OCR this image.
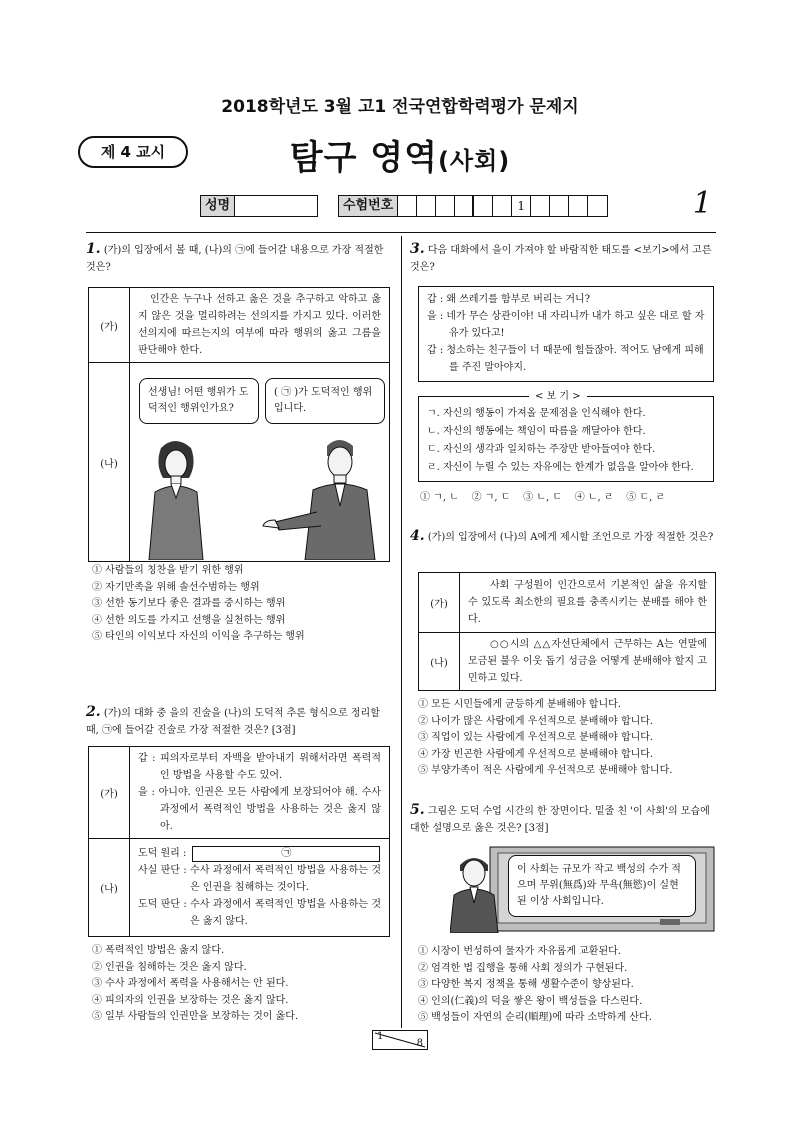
2018학년도 3월 고1 전국연합학력평가 문제지
제 4 교시	탐구 영역(사회)
성명	수험번호	1	1
1. (가)의 입장에서 볼 때, (나)의 ㉠에 들어갈 내용으로 가장 적절한 것은?
(가)	인간은 누구나 선하고 옳은 것을 추구하고 악하고 옳지 않은 것을 멀리하려는 선의지를 가지고 있다. 이러한 선의지에 따르는지의 여부에 따라 행위의 옳고 그름을 판단해야 한다.
(나)	선생님! 어떤 행위가 도덕적인 행위인가요?
( ㉠ )가 도덕적인 행위입니다.
① 사람들의 칭찬을 받기 위한 행위
② 자기만족을 위해 솔선수범하는 행위
③ 선한 동기보다 좋은 결과를 중시하는 행위
④ 선한 의도를 가지고 선행을 실천하는 행위
⑤ 타인의 이익보다 자신의 이익을 추구하는 행위
2. (가)의 대화 중 을의 진술을 (나)의 도덕적 추론 형식으로 정리할 때, ㉠에 들어갈 진술로 가장 적절한 것은? [3점]
(가)	갑 : 피의자로부터 자백을 받아내기 위해서라면 폭력적인 방법을 사용할 수도 있어.
을 : 아니야. 인권은 모든 사람에게 보장되어야 해. 수사 과정에서 폭력적인 방법을 사용하는 것은 옳지 않아.

(나)	도덕 원리 : ㉠
사실 판단 : 수사 과정에서 폭력적인 방법을 사용하는 것은 인권을 침해하는 것이다.
도덕 판단 : 수사 과정에서 폭력적인 방법을 사용하는 것은 옳지 않다.
① 폭력적인 방법은 옳지 않다.
② 인권을 침해하는 것은 옳지 않다.
③ 수사 과정에서 폭력을 사용해서는 안 된다.
④ 피의자의 인권을 보장하는 것은 옳지 않다.
⑤ 일부 사람들의 인권만을 보장하는 것이 옳다.
3. 다음 대화에서 을이 가져야 할 바람직한 태도를 <보기>에서 고른 것은?
갑 : 왜 쓰레기를 함부로 버리는 거니?
을 : 네가 무슨 상관이야! 내 자리니까 내가 하고 싶은 대로 할 자유가 있다고!
갑 : 청소하는 친구들이 너 때문에 힘들잖아. 적어도 남에게 피해를 주진 말아야지.
< 보 기 >
ㄱ. 자신의 행동이 가져올 문제점을 인식해야 한다.
ㄴ. 자신의 행동에는 책임이 따름을 깨달아야 한다.
ㄷ. 자신의 생각과 일치하는 주장만 받아들여야 한다.
ㄹ. 자신이 누릴 수 있는 자유에는 한계가 없음을 알아야 한다.
① ㄱ, ㄴ    ② ㄱ, ㄷ    ③ ㄴ, ㄷ    ④ ㄴ, ㄹ    ⑤ ㄷ, ㄹ
4. (가)의 입장에서 (나)의 A에게 제시할 조언으로 가장 적절한 것은?
(가)	사회 구성원이 인간으로서 기본적인 삶을 유지할 수 있도록 최소한의 필요를 충족시키는 분배를 해야 한다.
(나)	○○시의 △△자선단체에서 근무하는 A는 연말에 모금된 불우 이웃 돕기 성금을 어떻게 분배해야 할지 고민하고 있다.
① 모든 시민들에게 균등하게 분배해야 합니다.
② 나이가 많은 사람에게 우선적으로 분배해야 합니다.
③ 직업이 있는 사람에게 우선적으로 분배해야 합니다.
④ 가장 빈곤한 사람에게 우선적으로 분배해야 합니다.
⑤ 부양가족이 적은 사람에게 우선적으로 분배해야 합니다.
5. 그림은 도덕 수업 시간의 한 장면이다. 밑줄 친 '이 사회'의 모습에 대한 설명으로 옳은 것은? [3점]
이 사회는 규모가 작고 백성의 수가 적으며 무위(無爲)와 무욕(無慾)이 실현된 이상 사회입니다.
① 시장이 번성하여 물자가 자유롭게 교환된다.
② 엄격한 법 집행을 통해 사회 정의가 구현된다.
③ 다양한 복지 정책을 통해 생활수준이 향상된다.
④ 인의(仁義)의 덕을 쌓은 왕이 백성들을 다스린다.
⑤ 백성들이 자연의 순리(順理)에 따라 소박하게 산다.
1
8
